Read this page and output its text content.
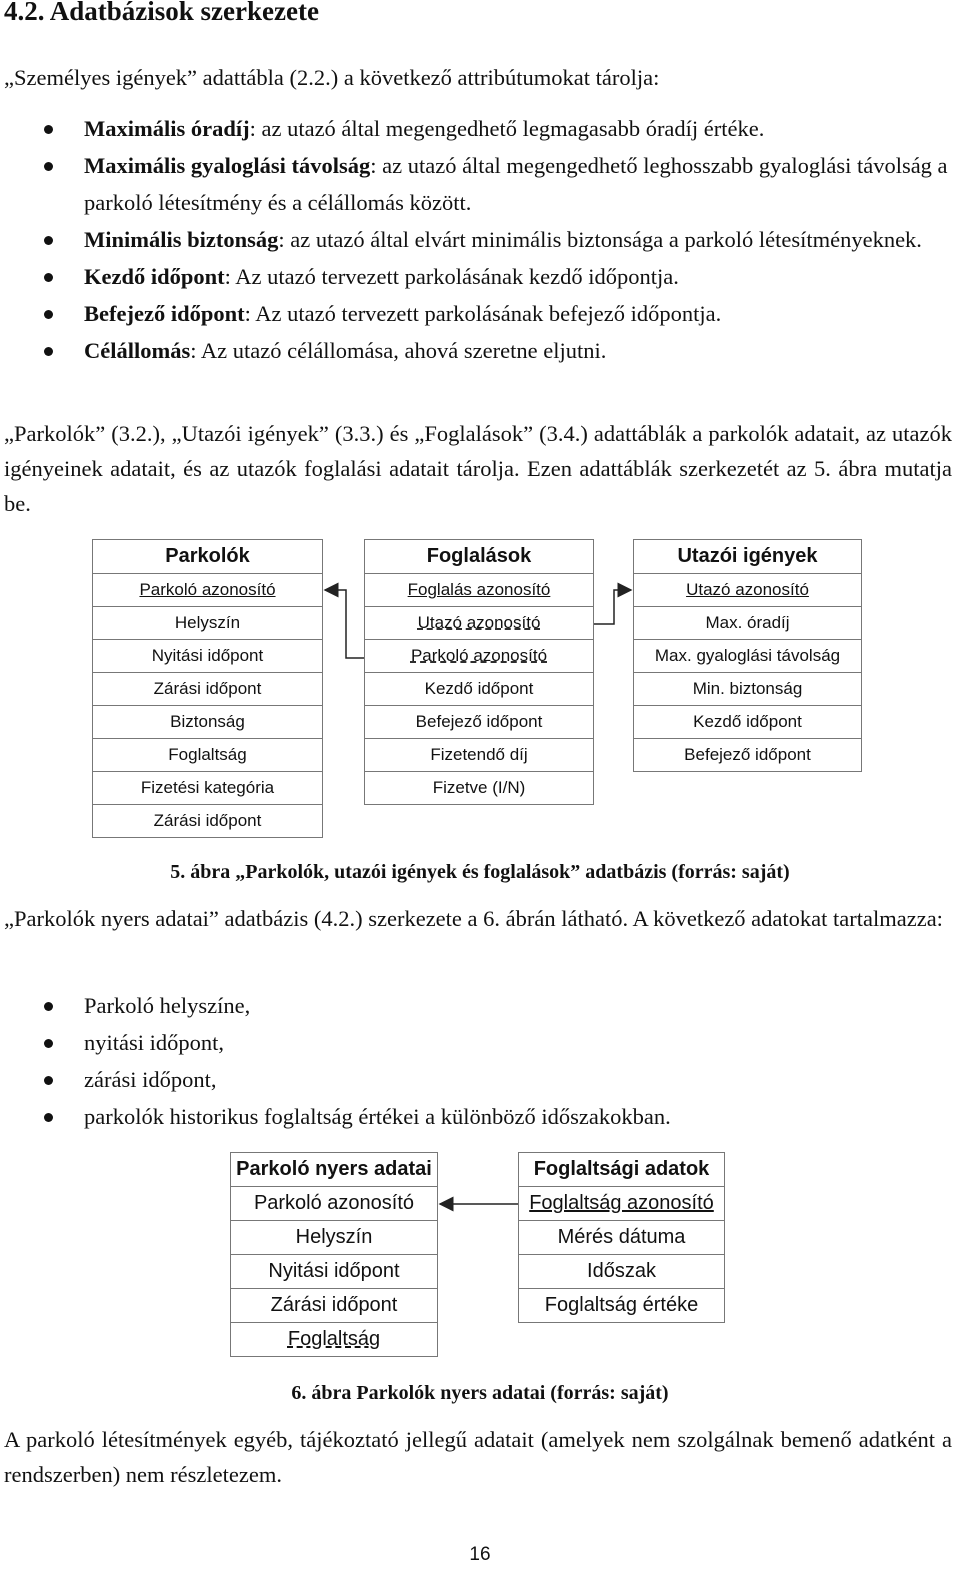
4.2. Adatbázisok szerkezete

„Személyes igények” adattábla (2.2.) a következő attribútumokat tárolja:

Maximális óradíj: az utazó által megengedhető legmagasabb óradíj értéke.
Maximális gyaloglási távolság: az utazó által megengedhető leghosszabb gyaloglási távolság a parkoló létesítmény és a célállomás között.
Minimális biztonság: az utazó által elvárt minimális biztonsága a parkoló létesítményeknek.
Kezdő időpont: Az utazó tervezett parkolásának kezdő időpontja.
Befejező időpont: Az utazó tervezett parkolásának befejező időpontja.
Célállomás: Az utazó célállomása, ahová szeretne eljutni.

„Parkolók” (3.2.), „Utazói igények” (3.3.) és „Foglalások” (3.4.) adattáblák a parkolók adatait, az utazók igényeinek adatait, és az utazók foglalási adatait tárolja. Ezen adattáblák szerkezetét az 5. ábra mutatja be.

Parkolók
Parkoló azonosító
Helyszín
Nyitási időpont
Zárási időpont
Biztonság
Foglaltság
Fizetési kategória
Zárási időpont
Foglalások
Foglalás azonosító
Utazó azonosító
Parkoló azonosító
Kezdő időpont
Befejező időpont
Fizetendő díj
Fizetve (I/N)
Utazói igények
Utazó azonosító
Max. óradíj
Max. gyaloglási távolság
Min. biztonság
Kezdő időpont
Befejező időpont

5. ábra „Parkolók, utazói igények és foglalások” adatbázis (forrás: saját)

„Parkolók nyers adatai” adatbázis (4.2.) szerkezete a 6. ábrán látható. A következő adatokat tartalmazza:

Parkoló helyszíne,
nyitási időpont,
zárási időpont,
parkolók historikus foglaltság értékei a különböző időszakokban.
Parkoló nyers adatai
Parkoló azonosító
Helyszín
Nyitási időpont
Zárási időpont
Foglaltság
Foglaltsági adatok
Foglaltság azonosító
Mérés dátuma
Időszak
Foglaltság értéke

6. ábra Parkolók nyers adatai (forrás: saját)

A parkoló létesítmények egyéb, tájékoztató jellegű adatait (amelyek nem szolgálnak bemenő adatként a rendszerben) nem részletezem.

16
